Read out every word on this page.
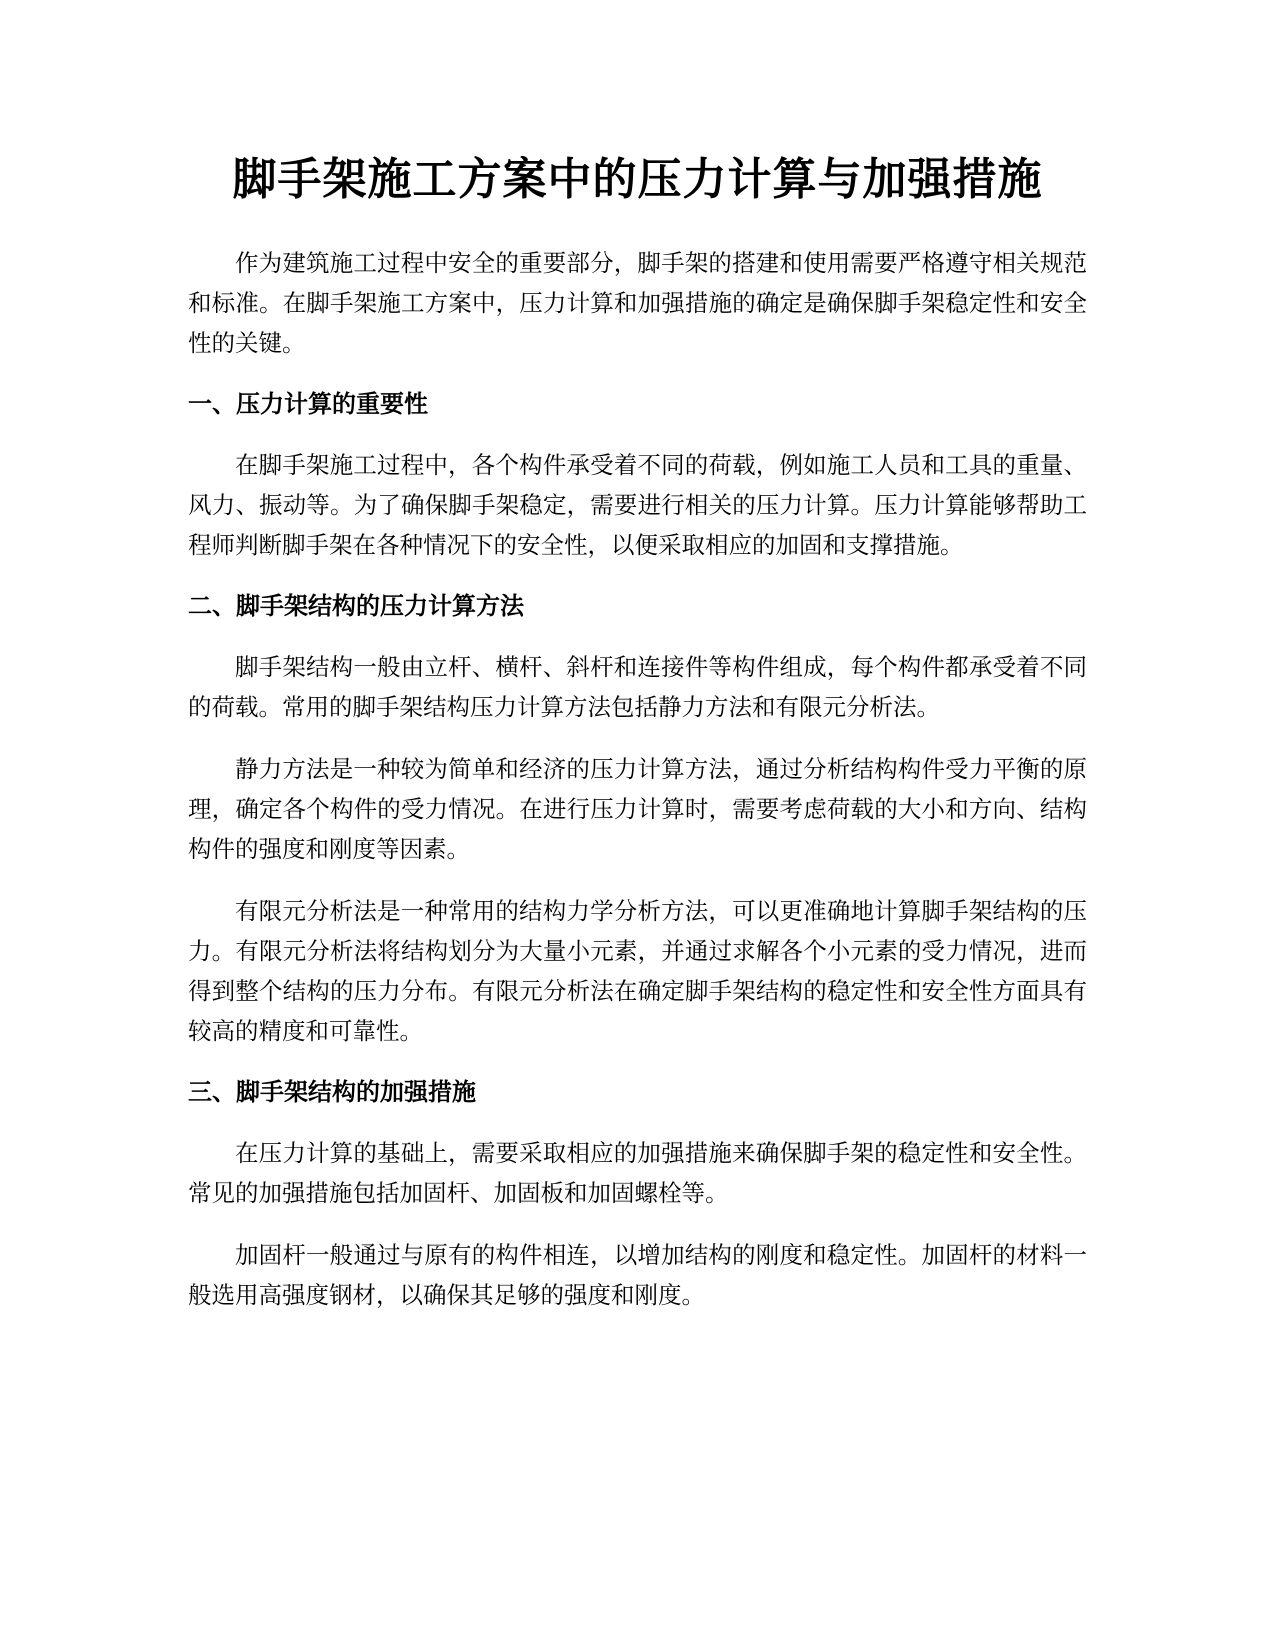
脚手架施工方案中的压力计算与加强措施

作为建筑施工过程中安全的重要部分，脚手架的搭建和使用需要严格遵守相关规范和标准。在脚手架施工方案中，压力计算和加强措施的确定是确保脚手架稳定性和安全性的关键。

一、压力计算的重要性

在脚手架施工过程中，各个构件承受着不同的荷载，例如施工人员和工具的重量、风力、振动等。为了确保脚手架稳定，需要进行相关的压力计算。压力计算能够帮助工程师判断脚手架在各种情况下的安全性，以便采取相应的加固和支撑措施。

二、脚手架结构的压力计算方法

脚手架结构一般由立杆、横杆、斜杆和连接件等构件组成，每个构件都承受着不同的荷载。常用的脚手架结构压力计算方法包括静力方法和有限元分析法。

静力方法是一种较为简单和经济的压力计算方法，通过分析结构构件受力平衡的原理，确定各个构件的受力情况。在进行压力计算时，需要考虑荷载的大小和方向、结构构件的强度和刚度等因素。

有限元分析法是一种常用的结构力学分析方法，可以更准确地计算脚手架结构的压力。有限元分析法将结构划分为大量小元素，并通过求解各个小元素的受力情况，进而得到整个结构的压力分布。有限元分析法在确定脚手架结构的稳定性和安全性方面具有较高的精度和可靠性。

三、脚手架结构的加强措施

在压力计算的基础上，需要采取相应的加强措施来确保脚手架的稳定性和安全性。常见的加强措施包括加固杆、加固板和加固螺栓等。

加固杆一般通过与原有的构件相连，以增加结构的刚度和稳定性。加固杆的材料一般选用高强度钢材，以确保其足够的强度和刚度。
